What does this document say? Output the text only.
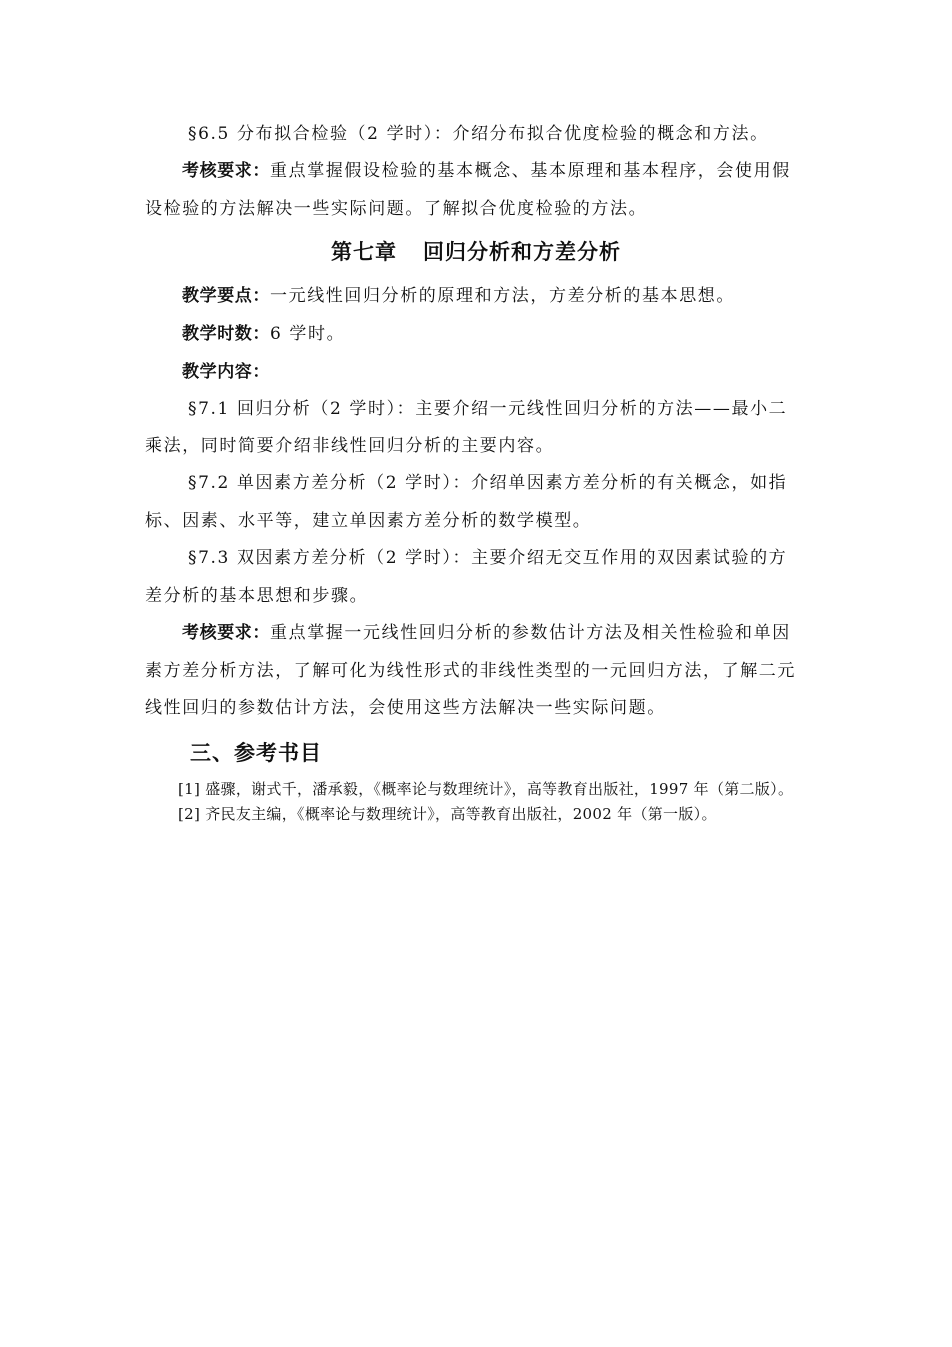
§6.5 分布拟合检验（2 学时）：介绍分布拟合优度检验的概念和方法。
考核要求：重点掌握假设检验的基本概念、基本原理和基本程序，会使用假
设检验的方法解决一些实际问题。了解拟合优度检验的方法。
第七章 回归分析和方差分析
教学要点：一元线性回归分析的原理和方法，方差分析的基本思想。
教学时数：6 学时。
教学内容：
§7.1 回归分析（2 学时）：主要介绍一元线性回归分析的方法——最小二
乘法，同时简要介绍非线性回归分析的主要内容。
§7.2 单因素方差分析（2 学时）：介绍单因素方差分析的有关概念，如指
标、因素、水平等，建立单因素方差分析的数学模型。
§7.3 双因素方差分析（2 学时）：主要介绍无交互作用的双因素试验的方
差分析的基本思想和步骤。
考核要求：重点掌握一元线性回归分析的参数估计方法及相关性检验和单因
素方差分析方法，了解可化为线性形式的非线性类型的一元回归方法，了解二元
线性回归的参数估计方法，会使用这些方法解决一些实际问题。
三、参考书目
[1] 盛骤，谢式千，潘承毅，《概率论与数理统计》，高等教育出版社，1997 年（第二版）。
[2] 齐民友主编，《概率论与数理统计》，高等教育出版社，2002 年（第一版）。
